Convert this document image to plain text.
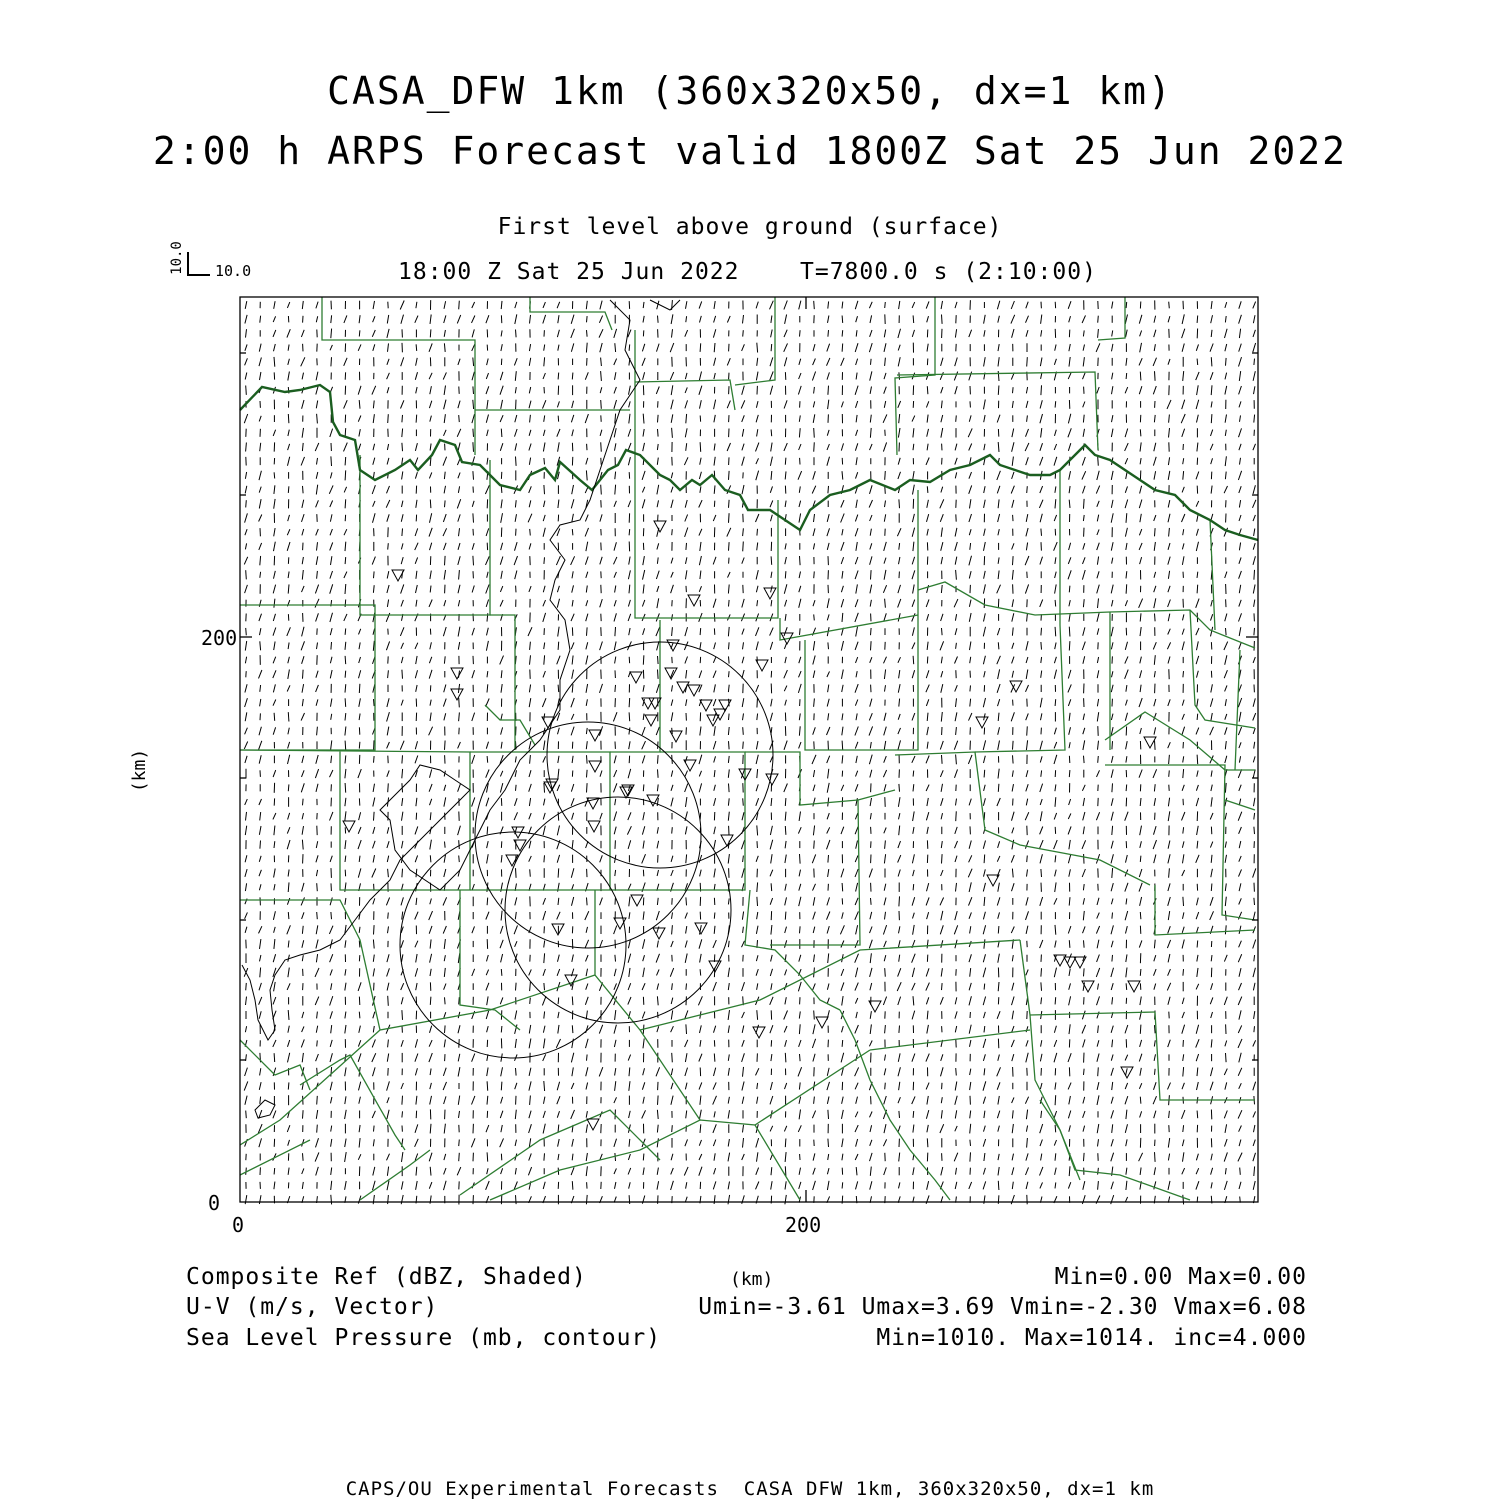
CASA_DFW 1km (360x320x50, dx=1 km)
2:00 h ARPS Forecast valid 1800Z Sat 25 Jun 2022
First level above ground (surface)
18:00 Z Sat 25 Jun 2022	T=7800.0 s (2:10:00)
10.0 10.0
(km)
200
0
0	200
(km)
Composite Ref (dBZ, Shaded)	Min=0.00 Max=0.00
U-V (m/s, Vector)	Umin=-3.61 Umax=3.69 Vmin=-2.30 Vmax=6.08
Sea Level Pressure (mb, contour)	Min=1010. Max=1014. inc=4.000
CAPS/OU Experimental Forecasts  CASA DFW 1km, 360x320x50, dx=1 km
